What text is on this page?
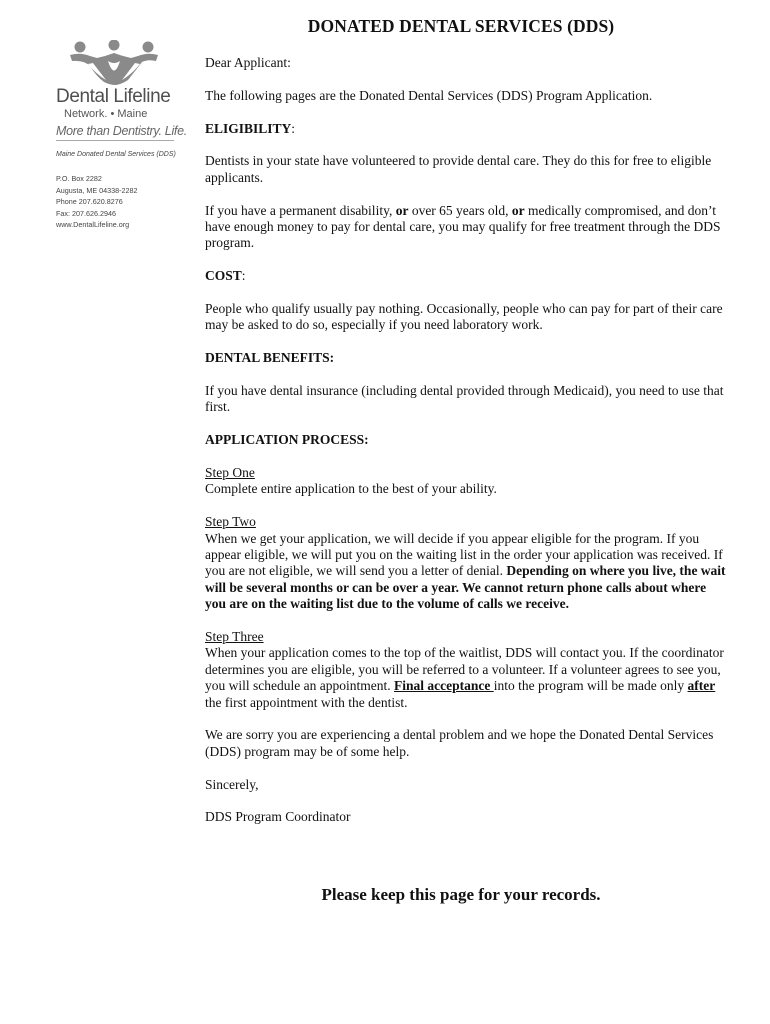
DONATED DENTAL SERVICES (DDS)
Dental Lifeline
Network. • Maine
More than Dentistry. Life.
Maine Donated Dental Services (DDS)
P.O. Box 2282
Augusta, ME 04338-2282
Phone 207.620.8276
Fax: 207.626.2946
www.DentalLifeline.org

Dear Applicant:

The following pages are the Donated Dental Services (DDS) Program Application.

ELIGIBILITY:

Dentists in your state have volunteered to provide dental care. They do this for free to eligible applicants.

If you have a permanent disability, or over 65 years old, or medically compromised, and don’t have enough money to pay for dental care, you may qualify for free treatment through the DDS program.

COST:

People who qualify usually pay nothing. Occasionally, people who can pay for part of their care may be asked to do so, especially if you need laboratory work.

DENTAL BENEFITS:

If you have dental insurance (including dental provided through Medicaid), you need to use that first.

APPLICATION PROCESS:

Step One
Complete entire application to the best of your ability.

Step Two
When we get your application, we will decide if you appear eligible for the program. If you appear eligible, we will put you on the waiting list in the order your application was received. If you are not eligible, we will send you a letter of denial. Depending on where you live, the wait will be several months or can be over a year. We cannot return phone calls about where you are on the waiting list due to the volume of calls we receive.

Step Three
When your application comes to the top of the waitlist, DDS will contact you. If the coordinator determines you are eligible, you will be referred to a volunteer. If a volunteer agrees to see you, you will schedule an appointment. Final acceptance into the program will be made only after the first appointment with the dentist.

We are sorry you are experiencing a dental problem and we hope the Donated Dental Services (DDS) program may be of some help.

Sincerely,

DDS Program Coordinator

Please keep this page for your records.
